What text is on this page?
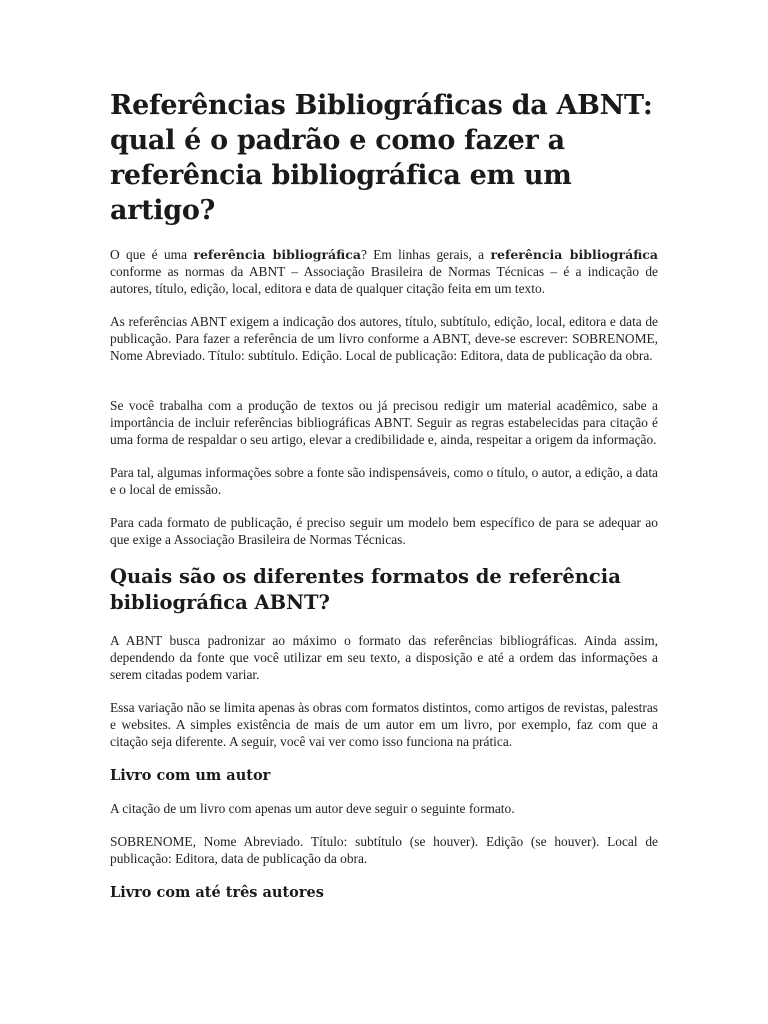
Referências Bibliográficas da ABNT: qual é o padrão e como fazer a referência bibliográfica em um artigo?

O que é uma referência bibliográfica? Em linhas gerais, a referência bibliográfica conforme as normas da ABNT – Associação Brasileira de Normas Técnicas – é a indicação de autores, título, edição, local, editora e data de qualquer citação feita em um texto.

As referências ABNT exigem a indicação dos autores, título, subtítulo, edição, local, editora e data de publicação. Para fazer a referência de um livro conforme a ABNT, deve-se escrever: SOBRENOME, Nome Abreviado. Título: subtítulo. Edição. Local de publicação: Editora, data de publicação da obra.

Se você trabalha com a produção de textos ou já precisou redigir um material acadêmico, sabe a importância de incluir referências bibliográficas ABNT. Seguir as regras estabelecidas para citação é uma forma de respaldar o seu artigo, elevar a credibilidade e, ainda, respeitar a origem da informação.

Para tal, algumas informações sobre a fonte são indispensáveis, como o título, o autor, a edição, a data e o local de emissão.

Para cada formato de publicação, é preciso seguir um modelo bem específico de para se adequar ao que exige a Associação Brasileira de Normas Técnicas.

Quais são os diferentes formatos de referência bibliográfica ABNT?

A ABNT busca padronizar ao máximo o formato das referências bibliográficas. Ainda assim, dependendo da fonte que você utilizar em seu texto, a disposição e até a ordem das informações a serem citadas podem variar.

Essa variação não se limita apenas às obras com formatos distintos, como artigos de revistas, palestras e websites. A simples existência de mais de um autor em um livro, por exemplo, faz com que a citação seja diferente. A seguir, você vai ver como isso funciona na prática.

Livro com um autor

A citação de um livro com apenas um autor deve seguir o seguinte formato.

SOBRENOME, Nome Abreviado. Título: subtítulo (se houver). Edição (se houver). Local de publicação: Editora, data de publicação da obra.

Livro com até três autores
